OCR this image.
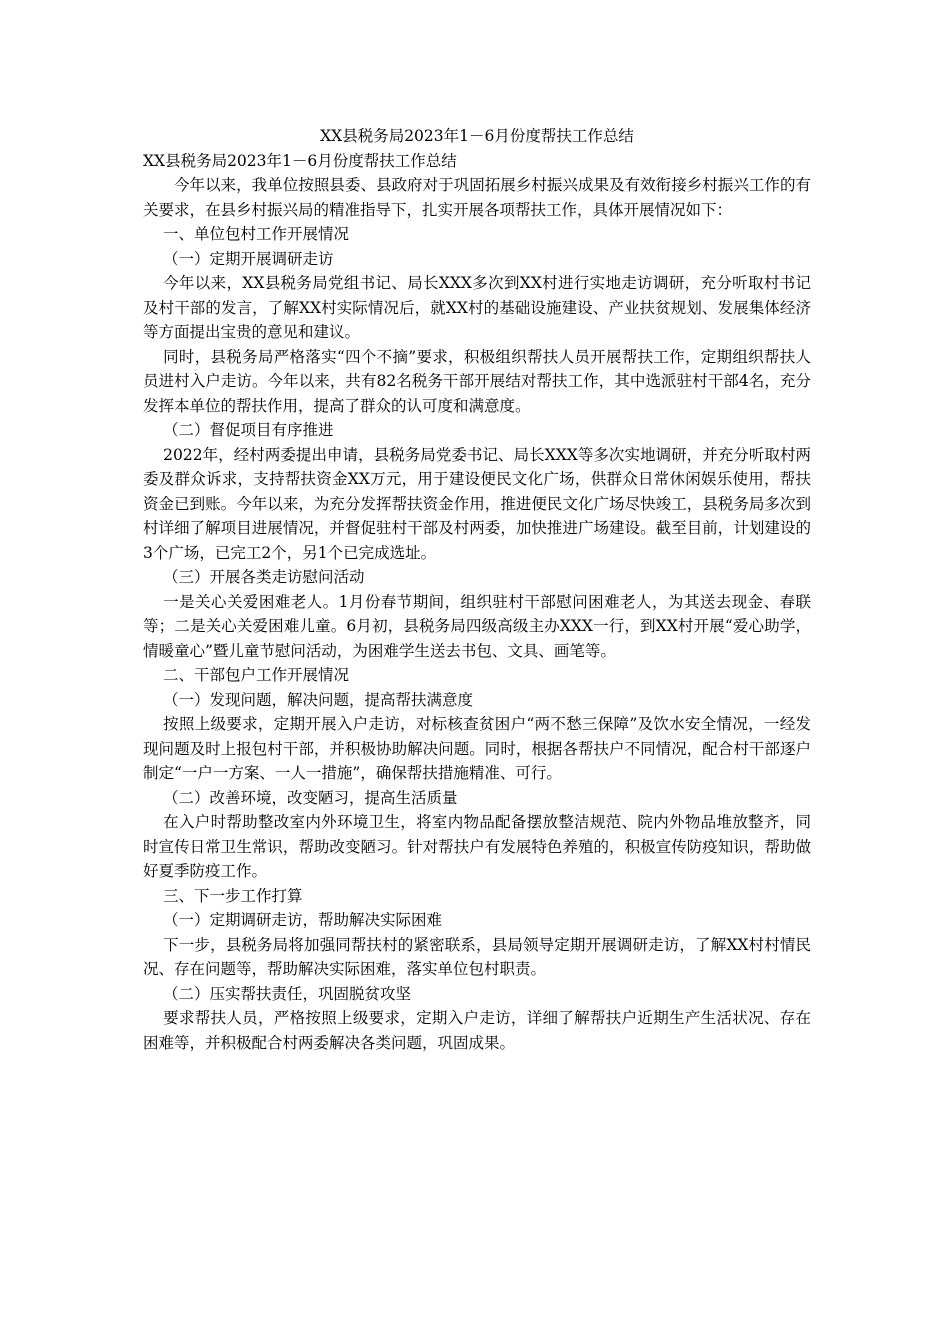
XX县税务局2023年1－6月份度帮扶工作总结

XX县税务局2023年1－6月份度帮扶工作总结

今年以来，我单位按照县委、县政府对于巩固拓展乡村振兴成果及有效衔接乡村振兴工作的有关要求，在县乡村振兴局的精准指导下，扎实开展各项帮扶工作，具体开展情况如下：

一、单位包村工作开展情况

（一）定期开展调研走访

今年以来，XX县税务局党组书记、局长XXX多次到XX村进行实地走访调研，充分听取村书记及村干部的发言，了解XX村实际情况后，就XX村的基础设施建设、产业扶贫规划、发展集体经济等方面提出宝贵的意见和建议。

同时，县税务局严格落实“四个不摘”要求，积极组织帮扶人员开展帮扶工作，定期组织帮扶人员进村入户走访。今年以来，共有82名税务干部开展结对帮扶工作，其中选派驻村干部4名，充分发挥本单位的帮扶作用，提高了群众的认可度和满意度。

（二）督促项目有序推进

2022年，经村两委提出申请，县税务局党委书记、局长XXX等多次实地调研，并充分听取村两委及群众诉求，支持帮扶资金XX万元，用于建设便民文化广场，供群众日常休闲娱乐使用，帮扶资金已到账。今年以来，为充分发挥帮扶资金作用，推进便民文化广场尽快竣工，县税务局多次到村详细了解项目进展情况，并督促驻村干部及村两委，加快推进广场建设。截至目前，计划建设的3个广场，已完工2个，另1个已完成选址。

（三）开展各类走访慰问活动

一是关心关爱困难老人。1月份春节期间，组织驻村干部慰问困难老人，为其送去现金、春联等；二是关心关爱困难儿童。6月初，县税务局四级高级主办XXX一行，到XX村开展“爱心助学，情暖童心”暨儿童节慰问活动，为困难学生送去书包、文具、画笔等。

二、干部包户工作开展情况

（一）发现问题，解决问题，提高帮扶满意度

按照上级要求，定期开展入户走访，对标核查贫困户“两不愁三保障”及饮水安全情况，一经发现问题及时上报包村干部，并积极协助解决问题。同时，根据各帮扶户不同情况，配合村干部逐户制定“一户一方案、一人一措施”，确保帮扶措施精准、可行。

（二）改善环境，改变陋习，提高生活质量

在入户时帮助整改室内外环境卫生，将室内物品配备摆放整洁规范、院内外物品堆放整齐，同时宣传日常卫生常识，帮助改变陋习。针对帮扶户有发展特色养殖的，积极宣传防疫知识，帮助做好夏季防疫工作。

三、下一步工作打算

（一）定期调研走访，帮助解决实际困难

下一步，县税务局将加强同帮扶村的紧密联系，县局领导定期开展调研走访，了解XX村村情民况、存在问题等，帮助解决实际困难，落实单位包村职责。

（二）压实帮扶责任，巩固脱贫攻坚

要求帮扶人员，严格按照上级要求，定期入户走访，详细了解帮扶户近期生产生活状况、存在困难等，并积极配合村两委解决各类问题，巩固成果。
